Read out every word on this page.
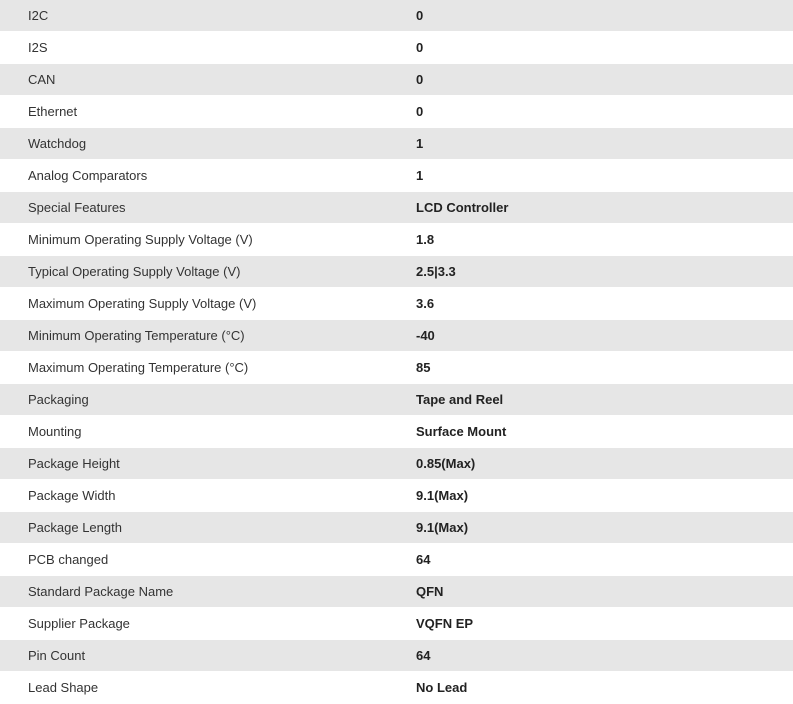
I2C	0
I2S	0
CAN	0
Ethernet	0
Watchdog	1
Analog Comparators	1
Special Features	LCD Controller
Minimum Operating Supply Voltage (V)	1.8
Typical Operating Supply Voltage (V)	2.5|3.3
Maximum Operating Supply Voltage (V)	3.6
Minimum Operating Temperature (°C)	-40
Maximum Operating Temperature (°C)	85
Packaging	Tape and Reel
Mounting	Surface Mount
Package Height	0.85(Max)
Package Width	9.1(Max)
Package Length	9.1(Max)
PCB changed	64
Standard Package Name	QFN
Supplier Package	VQFN EP
Pin Count	64
Lead Shape	No Lead
